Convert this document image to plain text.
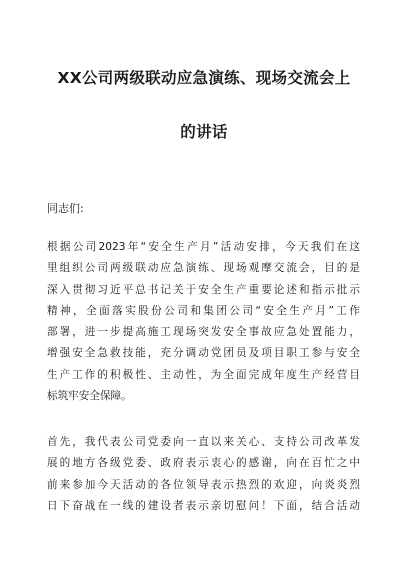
XX公司两级联动应急演练、现场交流会上
的讲话

同志们:

根据公司2023年“安全生产月”活动安排，今天我们在这
里组织公司两级联动应急演练、现场观摩交流会，目的是
深入贯彻习近平总书记关于安全生产重要论述和指示批示
精神，全面落实股份公司和集团公司“安全生产月”工作
部署，进一步提高施工现场突发安全事故应急处置能力，
增强安全急救技能，充分调动党团员及项目职工参与安全
生产工作的积极性、主动性，为全面完成年度生产经营目
标筑牢安全保障。
首先，我代表公司党委向一直以来关心、支持公司改革发
展的地方各级党委、政府表示衷心的感谢，向在百忙之中
前来参加今天活动的各位领导表示热烈的欢迎，向炎炎烈
日下奋战在一线的建设者表示亲切慰问！下面，结合活动
